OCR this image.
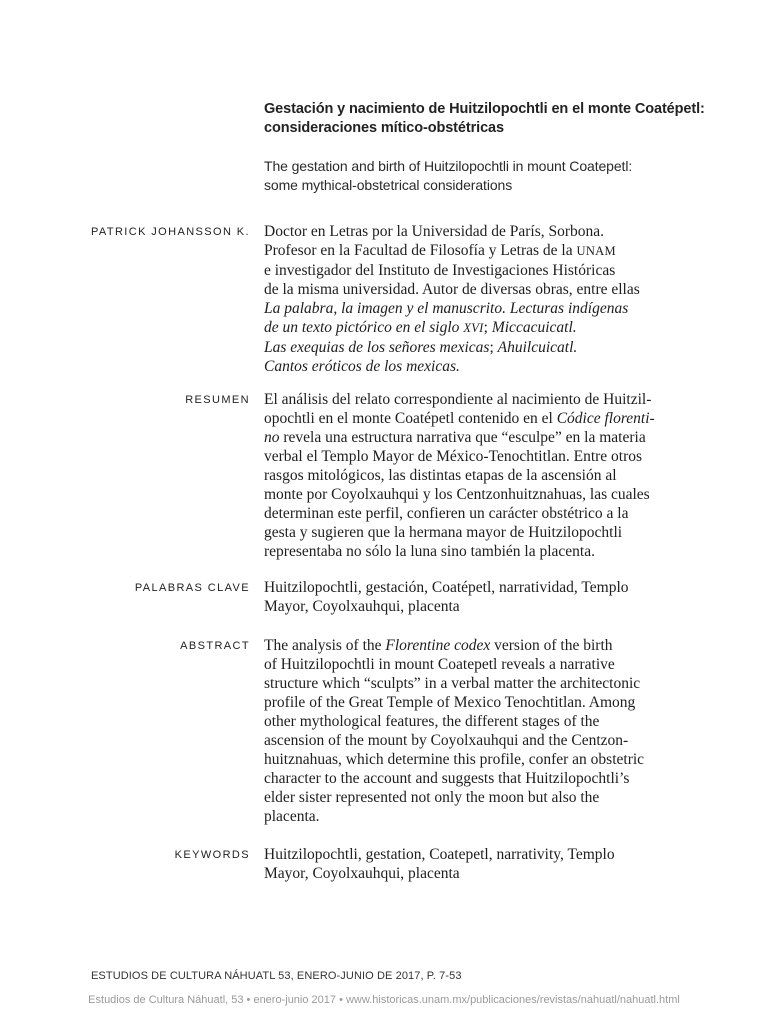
Gestación y nacimiento de Huitzilopochtli en el monte Coatépetl:
consideraciones mítico-obstétricas
The gestation and birth of Huitzilopochtli in mount Coatepetl:
some mythical-obstetrical considerations
PATRICK JOHANSSON K. Doctor en Letras por la Universidad de París, Sorbona.
Profesor en la Facultad de Filosofía y Letras de la UNAM
e investigador del Instituto de Investigaciones Históricas
de la misma universidad. Autor de diversas obras, entre ellas
La palabra, la imagen y el manuscrito. Lecturas indígenas
de un texto pictórico en el siglo XVI; Miccacuicatl.
Las exequias de los señores mexicas; Ahuilcuicatl.
Cantos eróticos de los mexicas.
RESUMEN El análisis del relato correspondiente al nacimiento de Huitzil-
opochtli en el monte Coatépetl contenido en el Códice florenti-
no revela una estructura narrativa que “esculpe” en la materia
verbal el Templo Mayor de México-Tenochtitlan. Entre otros
rasgos mitológicos, las distintas etapas de la ascensión al
monte por Coyolxauhqui y los Centzonhuitznahuas, las cuales
determinan este perfil, confieren un carácter obstétrico a la
gesta y sugieren que la hermana mayor de Huitzilopochtli
representaba no sólo la luna sino también la placenta.
PALABRAS CLAVE Huitzilopochtli, gestación, Coatépetl, narratividad, Templo
Mayor, Coyolxauhqui, placenta
ABSTRACT The analysis of the Florentine codex version of the birth
of Huitzilopochtli in mount Coatepetl reveals a narrative
structure which “sculpts” in a verbal matter the architectonic
profile of the Great Temple of Mexico Tenochtitlan. Among
other mythological features, the different stages of the
ascension of the mount by Coyolxauhqui and the Centzon-
huitznahuas, which determine this profile, confer an obstetric
character to the account and suggests that Huitzilopochtli’s
elder sister represented not only the moon but also the
placenta.
KEYWORDS Huitzilopochtli, gestation, Coatepetl, narrativity, Templo
Mayor, Coyolxauhqui, placenta
ESTUDIOS DE CULTURA NÁHUATL 53, ENERO-JUNIO DE 2017, P. 7-53
Estudios de Cultura Náhuatl, 53 • enero-junio 2017 • www.historicas.unam.mx/publicaciones/revistas/nahuatl/nahuatl.html
